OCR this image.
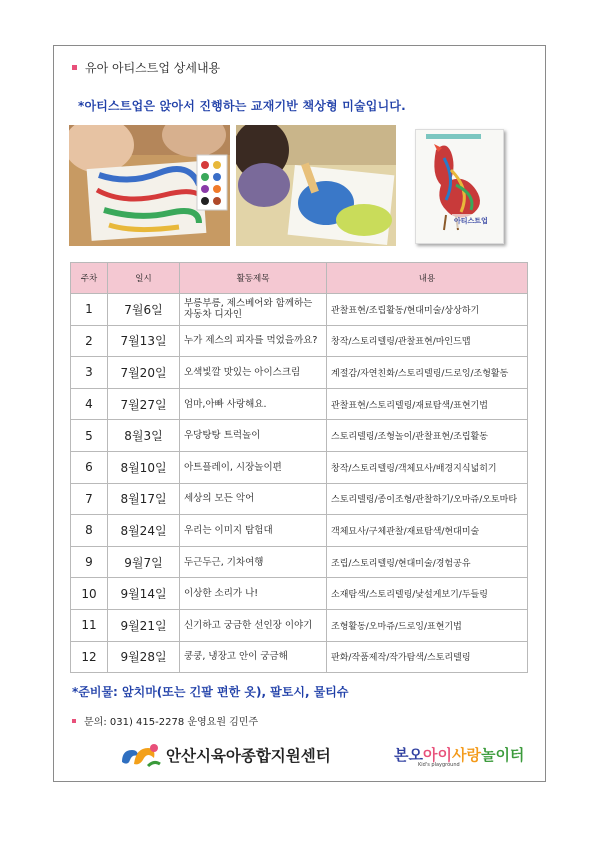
유아 아티스트업 상세내용
*아티스트업은 앉아서 진행하는 교재기반 책상형 미술입니다.
아티스트업
주차	일시	활동제목	내용
1	7월6일	부릉부릉, 제스베어와 함께하는 자동차 디자인	관찰표현/조립활동/현대미술/상상하기
2	7월13일	누가 제스의 피자를 먹었을까요?	창작/스토리텔링/관찰표현/마인드맵
3	7월20일	오색빛깔 맛있는 아이스크림	계절감/자연친화/스토리텔링/드로잉/조형활동
4	7월27일	엄마,아빠 사랑해요.	관찰표현/스토리텔링/재료탐색/표현기법
5	8월3일	우당탕탕 트럭놀이	스토리텔링/조형놀이/관찰표현/조립활동
6	8월10일	아트플레이, 시장놀이편	창작/스토리텔링/객체묘사/배경지식넓히기
7	8월17일	세상의 모든 악어	스토리텔링/종이조형/관찰하기/오마쥬/오토마타
8	8월24일	우리는 이미지 탐험대	객체묘사/구체관찰/재료탐색/현대미술
9	9월7일	두근두근, 기차여행	조립/스토리텔링/현대미술/경험공유
10	9월14일	이상한 소리가 나!	소재탐색/스토리텔링/낯설게보기/두들링
11	9월21일	신기하고 궁금한 선인장 이야기	조형활동/오마쥬/드로잉/표현기법
12	9월28일	쿵쿵, 냉장고 안이 궁금해	판화/작품제작/작가탐색/스토리텔링
*준비물: 앞치마(또는 긴팔 편한 옷), 팔토시, 물티슈
문의: 031) 415-2278 운영요원 김민주
안산시육아종합지원센터	본오아이사랑놀이터
Kid's playground
